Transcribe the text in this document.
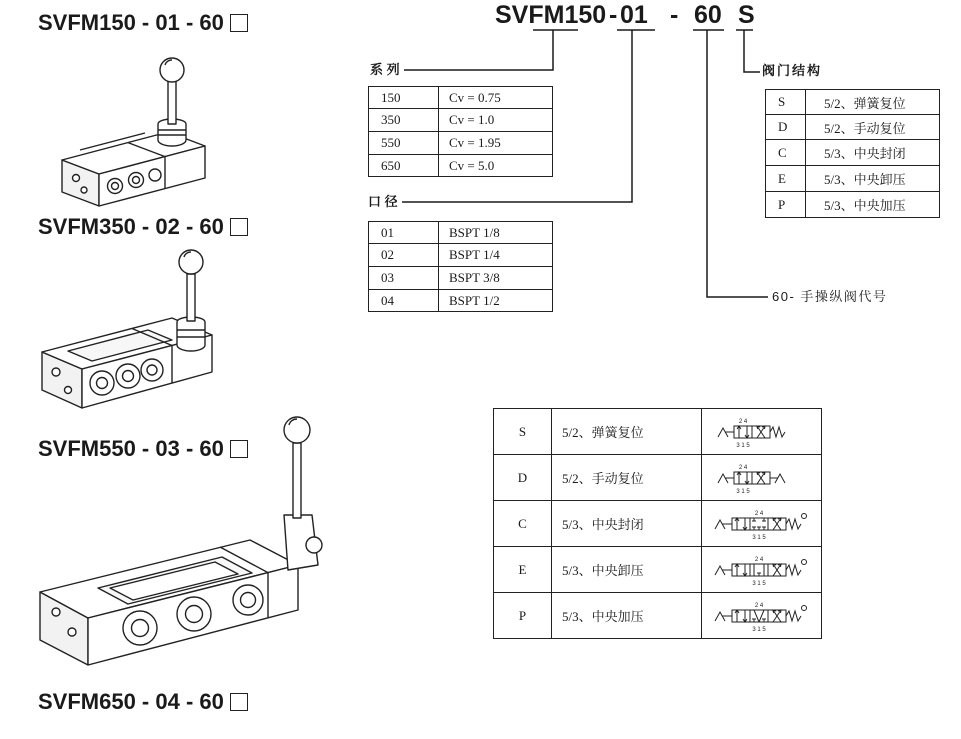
SVFM150 - 01 - 60
SVFM350 - 02 - 60
SVFM550 - 03 - 60
SVFM650 - 04 - 60
SVFM150 - 01 - 60 S
系 列
口 径
阀门结构
60- 手操纵阀代号
150	Cv = 0.75
350	Cv = 1.0
550	Cv = 1.95
650	Cv = 5.0
01	BSPT 1/8
02	BSPT 1/4
03	BSPT 3/8
04	BSPT 1/2
S	5/2、弹簧复位
D	5/2、手动复位
C	5/3、中央封闭
E	5/3、中央卸压
P	5/3、中央加压
S	5/2、弹簧复位	2 4
3 1 5

D	5/2、手动复位	2 4
3 1 5

C	5/3、中央封闭	2 4
3 1 5

E	5/3、中央卸压	2 4
3 1 5

P	5/3、中央加压	2 4
3 1 5
